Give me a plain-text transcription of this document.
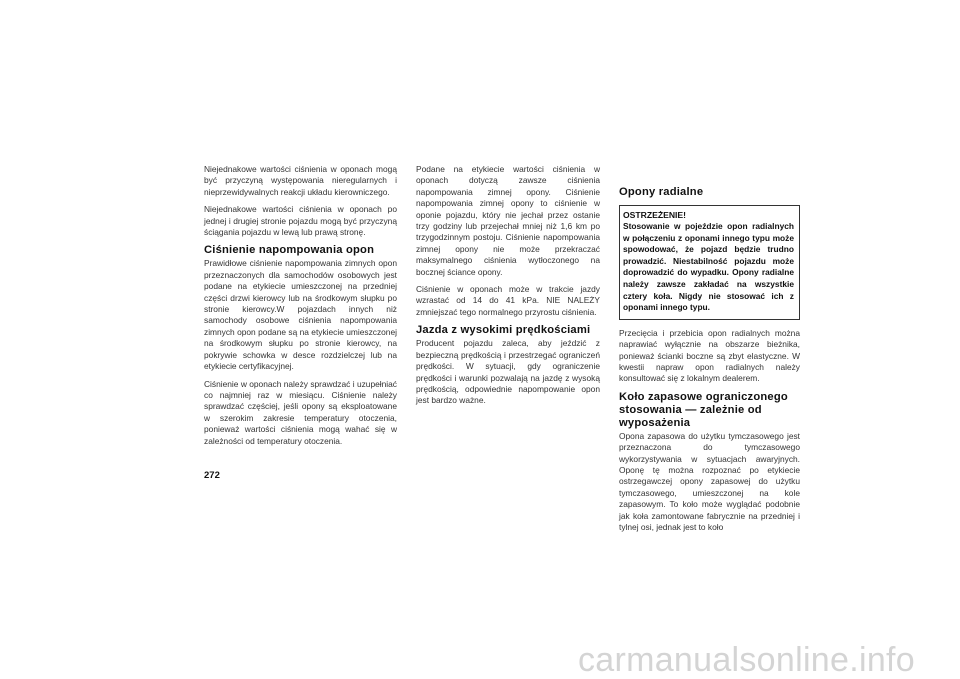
Niejednakowe wartości ciśnienia w oponach mogą być przyczyną występowania nieregularnych i nieprzewidywalnych reakcji układu kierowniczego.

Niejednakowe wartości ciśnienia w oponach po jednej i drugiej stronie pojazdu mogą być przyczyną ściągania pojazdu w lewą lub prawą stronę.

Ciśnienie napompowania opon

Prawidłowe ciśnienie napompowania zimnych opon przeznaczonych dla samochodów osobowych jest podane na etykiecie umieszczonej na przedniej części drzwi kierowcy lub na środkowym słupku po stronie kierowcy.W pojazdach innych niż samochody osobowe ciśnienia napompowania zimnych opon podane są na etykiecie umieszczonej na środkowym słupku po stronie kierowcy, na pokrywie schowka w desce rozdzielczej lub na etykiecie certyfikacyjnej.

Ciśnienie w oponach należy sprawdzać i uzupełniać co najmniej raz w miesiącu. Ciśnienie należy sprawdzać częściej, jeśli opony są eksploatowane w szerokim zakresie temperatury otoczenia, ponieważ wartości ciśnienia mogą wahać się w zależności od temperatury otoczenia.

Podane na etykiecie wartości ciśnienia w oponach dotyczą zawsze ciśnienia napompowania zimnej opony. Ciśnienie napompowania zimnej opony to ciśnienie w oponie pojazdu, który nie jechał przez ostanie trzy godziny lub przejechał mniej niż 1,6 km po trzygodzinnym postoju. Ciśnienie napompowania zimnej opony nie może przekraczać maksymalnego ciśnienia wytłoczonego na bocznej ściance opony.

Ciśnienie w oponach może w trakcie jazdy wzrastać od 14 do 41 kPa. NIE NALEŻY zmniejszać tego normalnego przyrostu ciśnienia.

Jazda z wysokimi prędkościami

Producent pojazdu zaleca, aby jeździć z bezpieczną prędkością i przestrzegać ograniczeń prędkości. W sytuacji, gdy ograniczenie prędkości i warunki pozwalają na jazdę z wysoką prędkością, odpowiednie napompowanie opon jest bardzo ważne.

Opony radialne

OSTRZEŻENIE!

Stosowanie w pojeździe opon radialnych w połączeniu z oponami innego typu może spowodować, że pojazd będzie trudno prowadzić. Niestabilność pojazdu może doprowadzić do wypadku. Opony radialne należy zawsze zakładać na wszystkie cztery koła. Nigdy nie stosować ich z oponami innego typu.

Przecięcia i przebicia opon radialnych można naprawiać wyłącznie na obszarze bieżnika, ponieważ ścianki boczne są zbyt elastyczne. W kwestii napraw opon radialnych należy konsultować się z lokalnym dealerem.

Koło zapasowe ograniczonego stosowania — zależnie od wyposażenia

Opona zapasowa do użytku tymczasowego jest przeznaczona do tymczasowego wykorzystywania w sytuacjach awaryjnych. Oponę tę można rozpoznać po etykiecie ostrzegawczej opony zapasowej do użytku tymczasowego, umieszczonej na kole zapasowym. To koło może wyglądać podobnie jak koła zamontowane fabrycznie na przedniej i tylnej osi, jednak jest to koło

272
carmanualsonline.info
